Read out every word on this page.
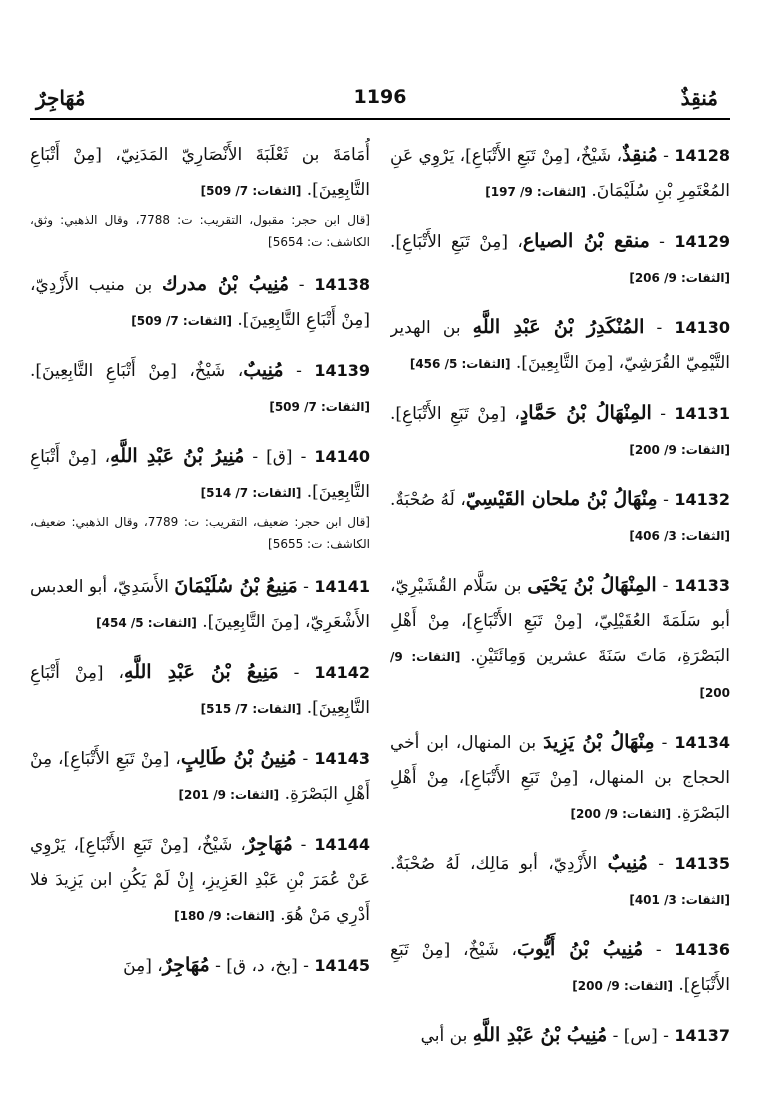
مُنقِذٌ
1196
مُهَاجِرٌ
14128 - مُنقِذٌ، شَيْخٌ، [مِنْ تَبَعِ الأَتْبَاعِ]، يَرْوِي عَنِ المُعْتَمِرِ بْنِ سُلَيْمَانَ. [الثقات: 9/ 197]
14129 - منقع بْنُ الصياع، [مِنْ تَبَعِ الأَتْبَاعِ]. [الثقات: 9/ 206]
14130 - المُنْكَدِرُ بْنُ عَبْدِ اللَّهِ بن الهدير التَّيْمِيّ القُرَشِيّ، [مِنَ التَّابِعِينَ]. [الثقات: 5/ 456]
14131 - المِنْهَالُ بْنُ حَمَّادٍ، [مِنْ تَبَعِ الأَتْبَاعِ]. [الثقات: 9/ 200]
14132 - مِنْهَالُ بْنُ ملحان القَيْسِيّ، لَهُ صُحْبَةٌ. [الثقات: 3/ 406]
14133 - المِنْهَالُ بْنُ يَحْيَى بن سَلَّام القُشَيْرِيّ، أبو سَلَمَةَ العُقَيْلِيّ، [مِنْ تَبَعِ الأَتْبَاعِ]، مِنْ أَهْلِ البَصْرَةِ، مَاتَ سَنَةَ عشرين وَمِائَتَيْنِ. [الثقات: 9/ 200]
14134 - مِنْهَالُ بْنُ يَزِيدَ بن المنهال، ابن أخي الحجاج بن المنهال، [مِنْ تَبَعِ الأَتْبَاعِ]، مِنْ أَهْلِ البَصْرَةِ. [الثقات: 9/ 200]
14135 - مُنِيبٌ الأَزْدِيّ، أبو مَالِك، لَهُ صُحْبَةٌ. [الثقات: 3/ 401]
14136 - مُنِيبُ بْنُ أَيُّوبَ، شَيْخٌ، [مِنْ تَبَعِ الأَتْبَاعِ]. [الثقات: 9/ 200]
14137 - [س] - مُنِيبُ بْنُ عَبْدِ اللَّهِ بن أبي
أُمَامَةَ بن ثَعْلَبَةَ الأَنْصَارِيّ المَدَنِيّ، [مِنْ أَتْبَاعِ التَّابِعِينَ]. [الثقات: 7/ 509]
[قال ابن حجر: مقبول، التقريب: ت: 7788، وقال الذهبي: وثق، الكاشف: ت: 5654]
14138 - مُنِيبُ بْنُ مدرك بن منيب الأَزْدِيّ، [مِنْ أَتْبَاعِ التَّابِعِينَ]. [الثقات: 7/ 509]
14139 - مُنِيبٌ، شَيْخٌ، [مِنْ أَتْبَاعِ التَّابِعِينَ]. [الثقات: 7/ 509]
14140 - [ق] - مُنِيرُ بْنُ عَبْدِ اللَّهِ، [مِنْ أَتْبَاعِ التَّابِعِينَ]. [الثقات: 7/ 514]
[قال ابن حجر: ضعيف، التقريب: ت: 7789، وقال الذهبي: ضعيف، الكاشف: ت: 5655]
14141 - مَنِيعُ بْنُ سُلَيْمَانَ الأَسَدِيّ، أبو العدبس الأَشْعَرِيّ، [مِنَ التَّابِعِينَ]. [الثقات: 5/ 454]
14142 - مَنِيعُ بْنُ عَبْدِ اللَّهِ، [مِنْ أَتْبَاعِ التَّابِعِينَ]. [الثقات: 7/ 515]
14143 - مُنِينُ بْنُ طَالِبٍ، [مِنْ تَبَعِ الأَتْبَاعِ]، مِنْ أَهْلِ البَصْرَةِ. [الثقات: 9/ 201]
14144 - مُهَاجِرٌ، شَيْخٌ، [مِنْ تَبَعِ الأَتْبَاعِ]، يَرْوِي عَنْ عُمَرَ بْنِ عَبْدِ العَزِيزِ، إِنْ لَمْ يَكُنِ ابن يَزِيدَ فلا أَدْرِي مَنْ هُوَ. [الثقات: 9/ 180]
14145 - [بخ، د، ق] - مُهَاجِرٌ، [مِنَ
